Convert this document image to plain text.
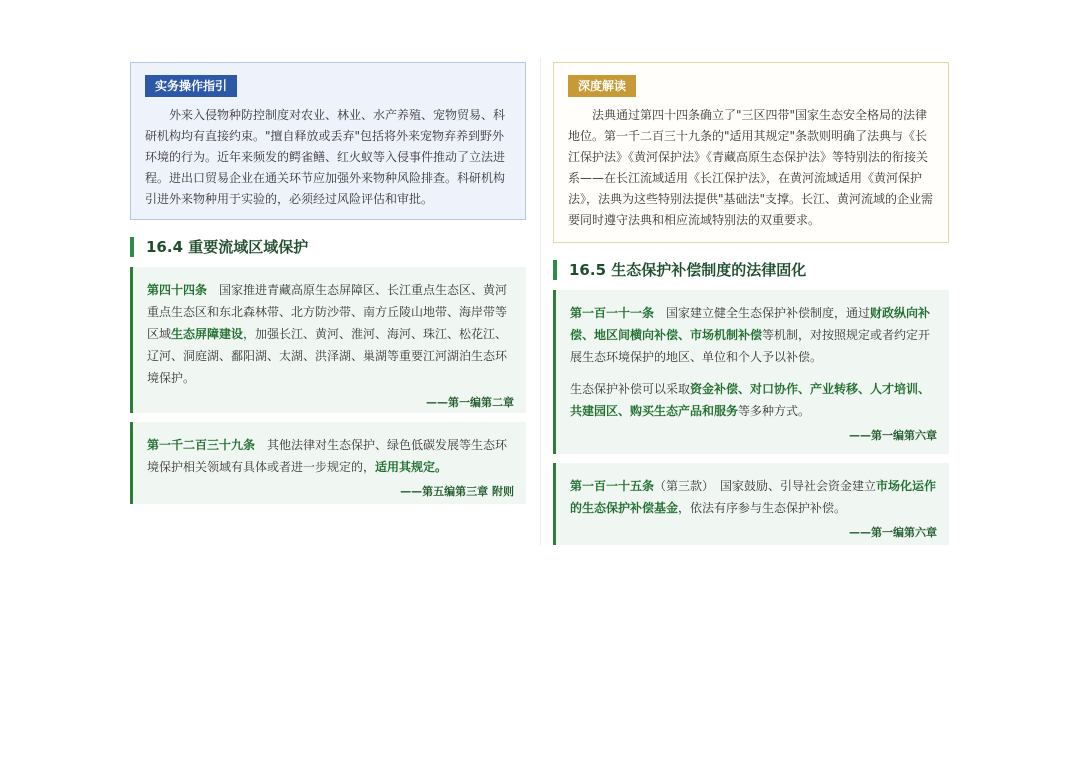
实务操作指引

外来入侵物种防控制度对农业、林业、水产养殖、宠物贸易、科研机构均有直接约束。"擅自释放或丢弃"包括将外来宠物弃养到野外环境的行为。近年来频发的鳄雀鳝、红火蚁等入侵事件推动了立法进程。进出口贸易企业在通关环节应加强外来物种风险排查。科研机构引进外来物种用于实验的，必须经过风险评估和审批。

16.4 重要流域区域保护

第四十四条　国家推进青藏高原生态屏障区、长江重点生态区、黄河重点生态区和东北森林带、北方防沙带、南方丘陵山地带、海岸带等区域生态屏障建设，加强长江、黄河、淮河、海河、珠江、松花江、辽河、洞庭湖、鄱阳湖、太湖、洪泽湖、巢湖等重要江河湖泊生态环境保护。

——第一编第二章

第一千二百三十九条　其他法律对生态保护、绿色低碳发展等生态环境保护相关领域有具体或者进一步规定的，适用其规定。

——第五编第三章 附则
深度解读

法典通过第四十四条确立了"三区四带"国家生态安全格局的法律地位。第一千二百三十九条的"适用其规定"条款则明确了法典与《长江保护法》《黄河保护法》《青藏高原生态保护法》等特别法的衔接关系——在长江流域适用《长江保护法》，在黄河流域适用《黄河保护法》，法典为这些特别法提供"基础法"支撑。长江、黄河流域的企业需要同时遵守法典和相应流域特别法的双重要求。

16.5 生态保护补偿制度的法律固化

第一百一十一条　国家建立健全生态保护补偿制度，通过财政纵向补偿、地区间横向补偿、市场机制补偿等机制，对按照规定或者约定开展生态环境保护的地区、单位和个人予以补偿。

生态保护补偿可以采取资金补偿、对口协作、产业转移、人才培训、共建园区、购买生态产品和服务等多种方式。

——第一编第六章

第一百一十五条（第三款）　国家鼓励、引导社会资金建立市场化运作的生态保护补偿基金，依法有序参与生态保护补偿。

——第一编第六章
